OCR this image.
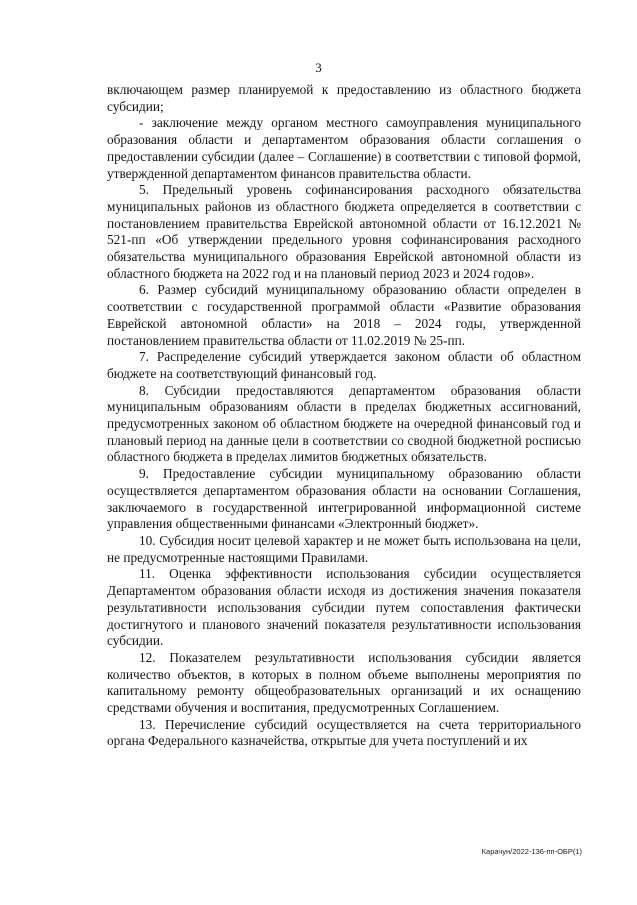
3

включающем размер планируемой к предоставлению из областного бюджета субсидии;

- заключение между органом местного самоуправления муниципального образования области и департаментом образования области соглашения о предоставлении субсидии (далее – Соглашение) в соответствии с типовой формой, утвержденной департаментом финансов правительства области.

5. Предельный уровень софинансирования расходного обязательства муниципальных районов из областного бюджета определяется в соответствии с постановлением правительства Еврейской автономной области от 16.12.2021 № 521-пп «Об утверждении предельного уровня софинансирования расходного обязательства муниципального образования Еврейской автономной области из областного бюджета на 2022 год и на плановый период 2023 и 2024 годов».

6. Размер субсидий муниципальному образованию области определен в соответствии с государственной программой области «Развитие образования Еврейской автономной области» на 2018 – 2024 годы, утвержденной постановлением правительства области от 11.02.2019 № 25-пп.

7. Распределение субсидий утверждается законом области об областном бюджете на соответствующий финансовый год.

8. Субсидии предоставляются департаментом образования области муниципальным образованиям области в пределах бюджетных ассигнований, предусмотренных законом об областном бюджете на очередной финансовый год и плановый период на данные цели в соответствии со сводной бюджетной росписью областного бюджета в пределах лимитов бюджетных обязательств.

9. Предоставление субсидии муниципальному образованию области осуществляется департаментом образования области на основании Соглашения, заключаемого в государственной интегрированной информационной системе управления общественными финансами «Электронный бюджет».

10. Субсидия носит целевой характер и не может быть использована на цели, не предусмотренные настоящими Правилами.

11. Оценка эффективности использования субсидии осуществляется Департаментом образования области исходя из достижения значения показателя результативности использования субсидии путем сопоставления фактически достигнутого и планового значений показателя результативности использования субсидии.

12. Показателем результативности использования субсидии является количество объектов, в которых в полном объеме выполнены мероприятия по капитальному ремонту общеобразовательных организаций и их оснащению средствами обучения и воспитания, предусмотренных Соглашением.

13. Перечисление субсидий осуществляется на счета территориального органа Федерального казначейства, открытые для учета поступлений и их

Карачун/2022-136-пп-ОБР(1)
